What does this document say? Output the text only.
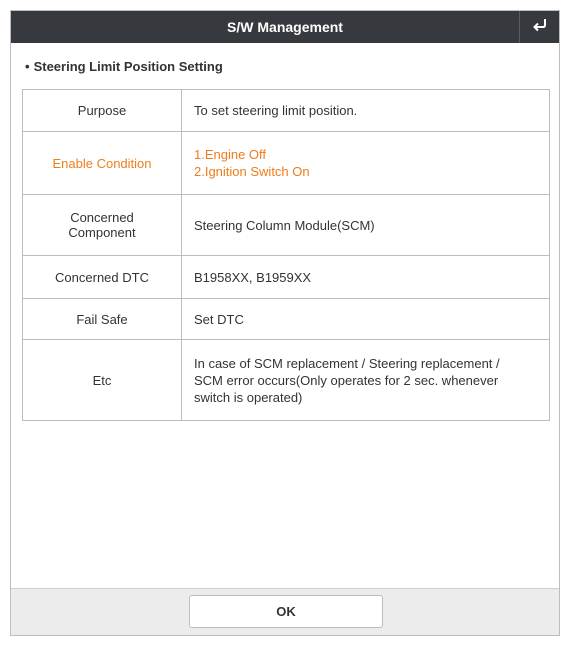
S/W Management
• Steering Limit Position Setting
Purpose	To set steering limit position.
Enable Condition	1.Engine Off
2.Ignition Switch On

Concerned
Component	Steering Column Module(SCM)
Concerned DTC	B1958XX, B1959XX
Fail Safe	Set DTC
Etc	In case of SCM replacement / Steering replacement /
SCM error occurs(Only operates for 2 sec. whenever
switch is operated)
OK
